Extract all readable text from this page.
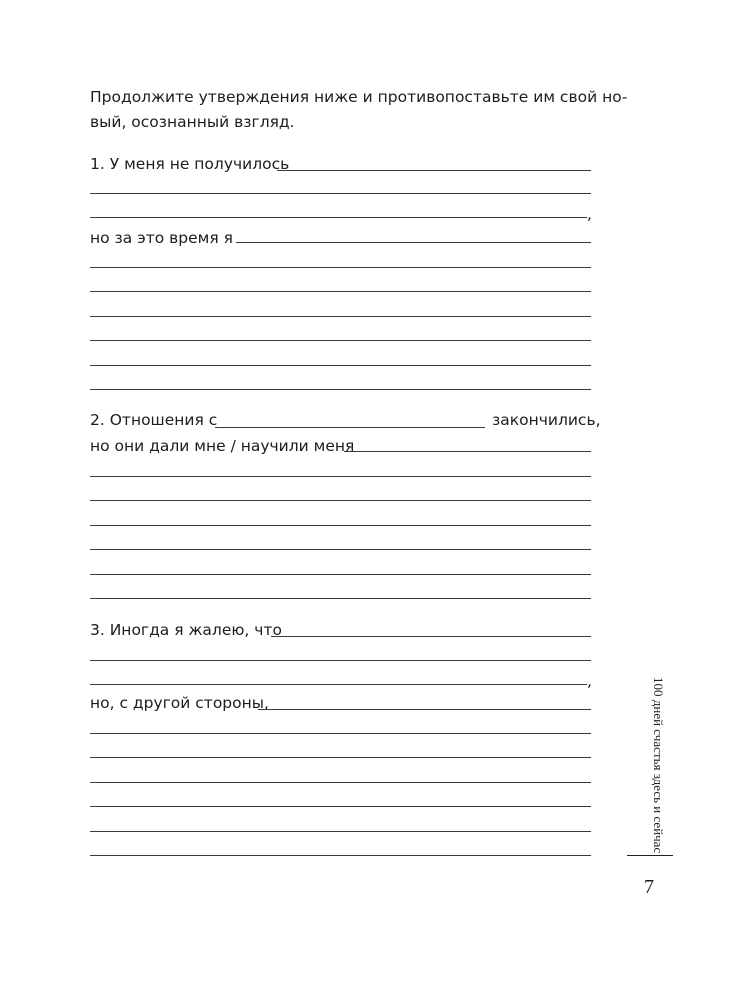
Продолжите утверждения ниже и противопоставьте им свой но-
вый, осознанный взгляд.
1. У меня не получилось
,
но за это время я
2. Отношения с	закончились,
но они дали мне / научили меня
3. Иногда я жалею, что
,
но, с другой стороны,	100 дней счастья здесь и сейчас
7
